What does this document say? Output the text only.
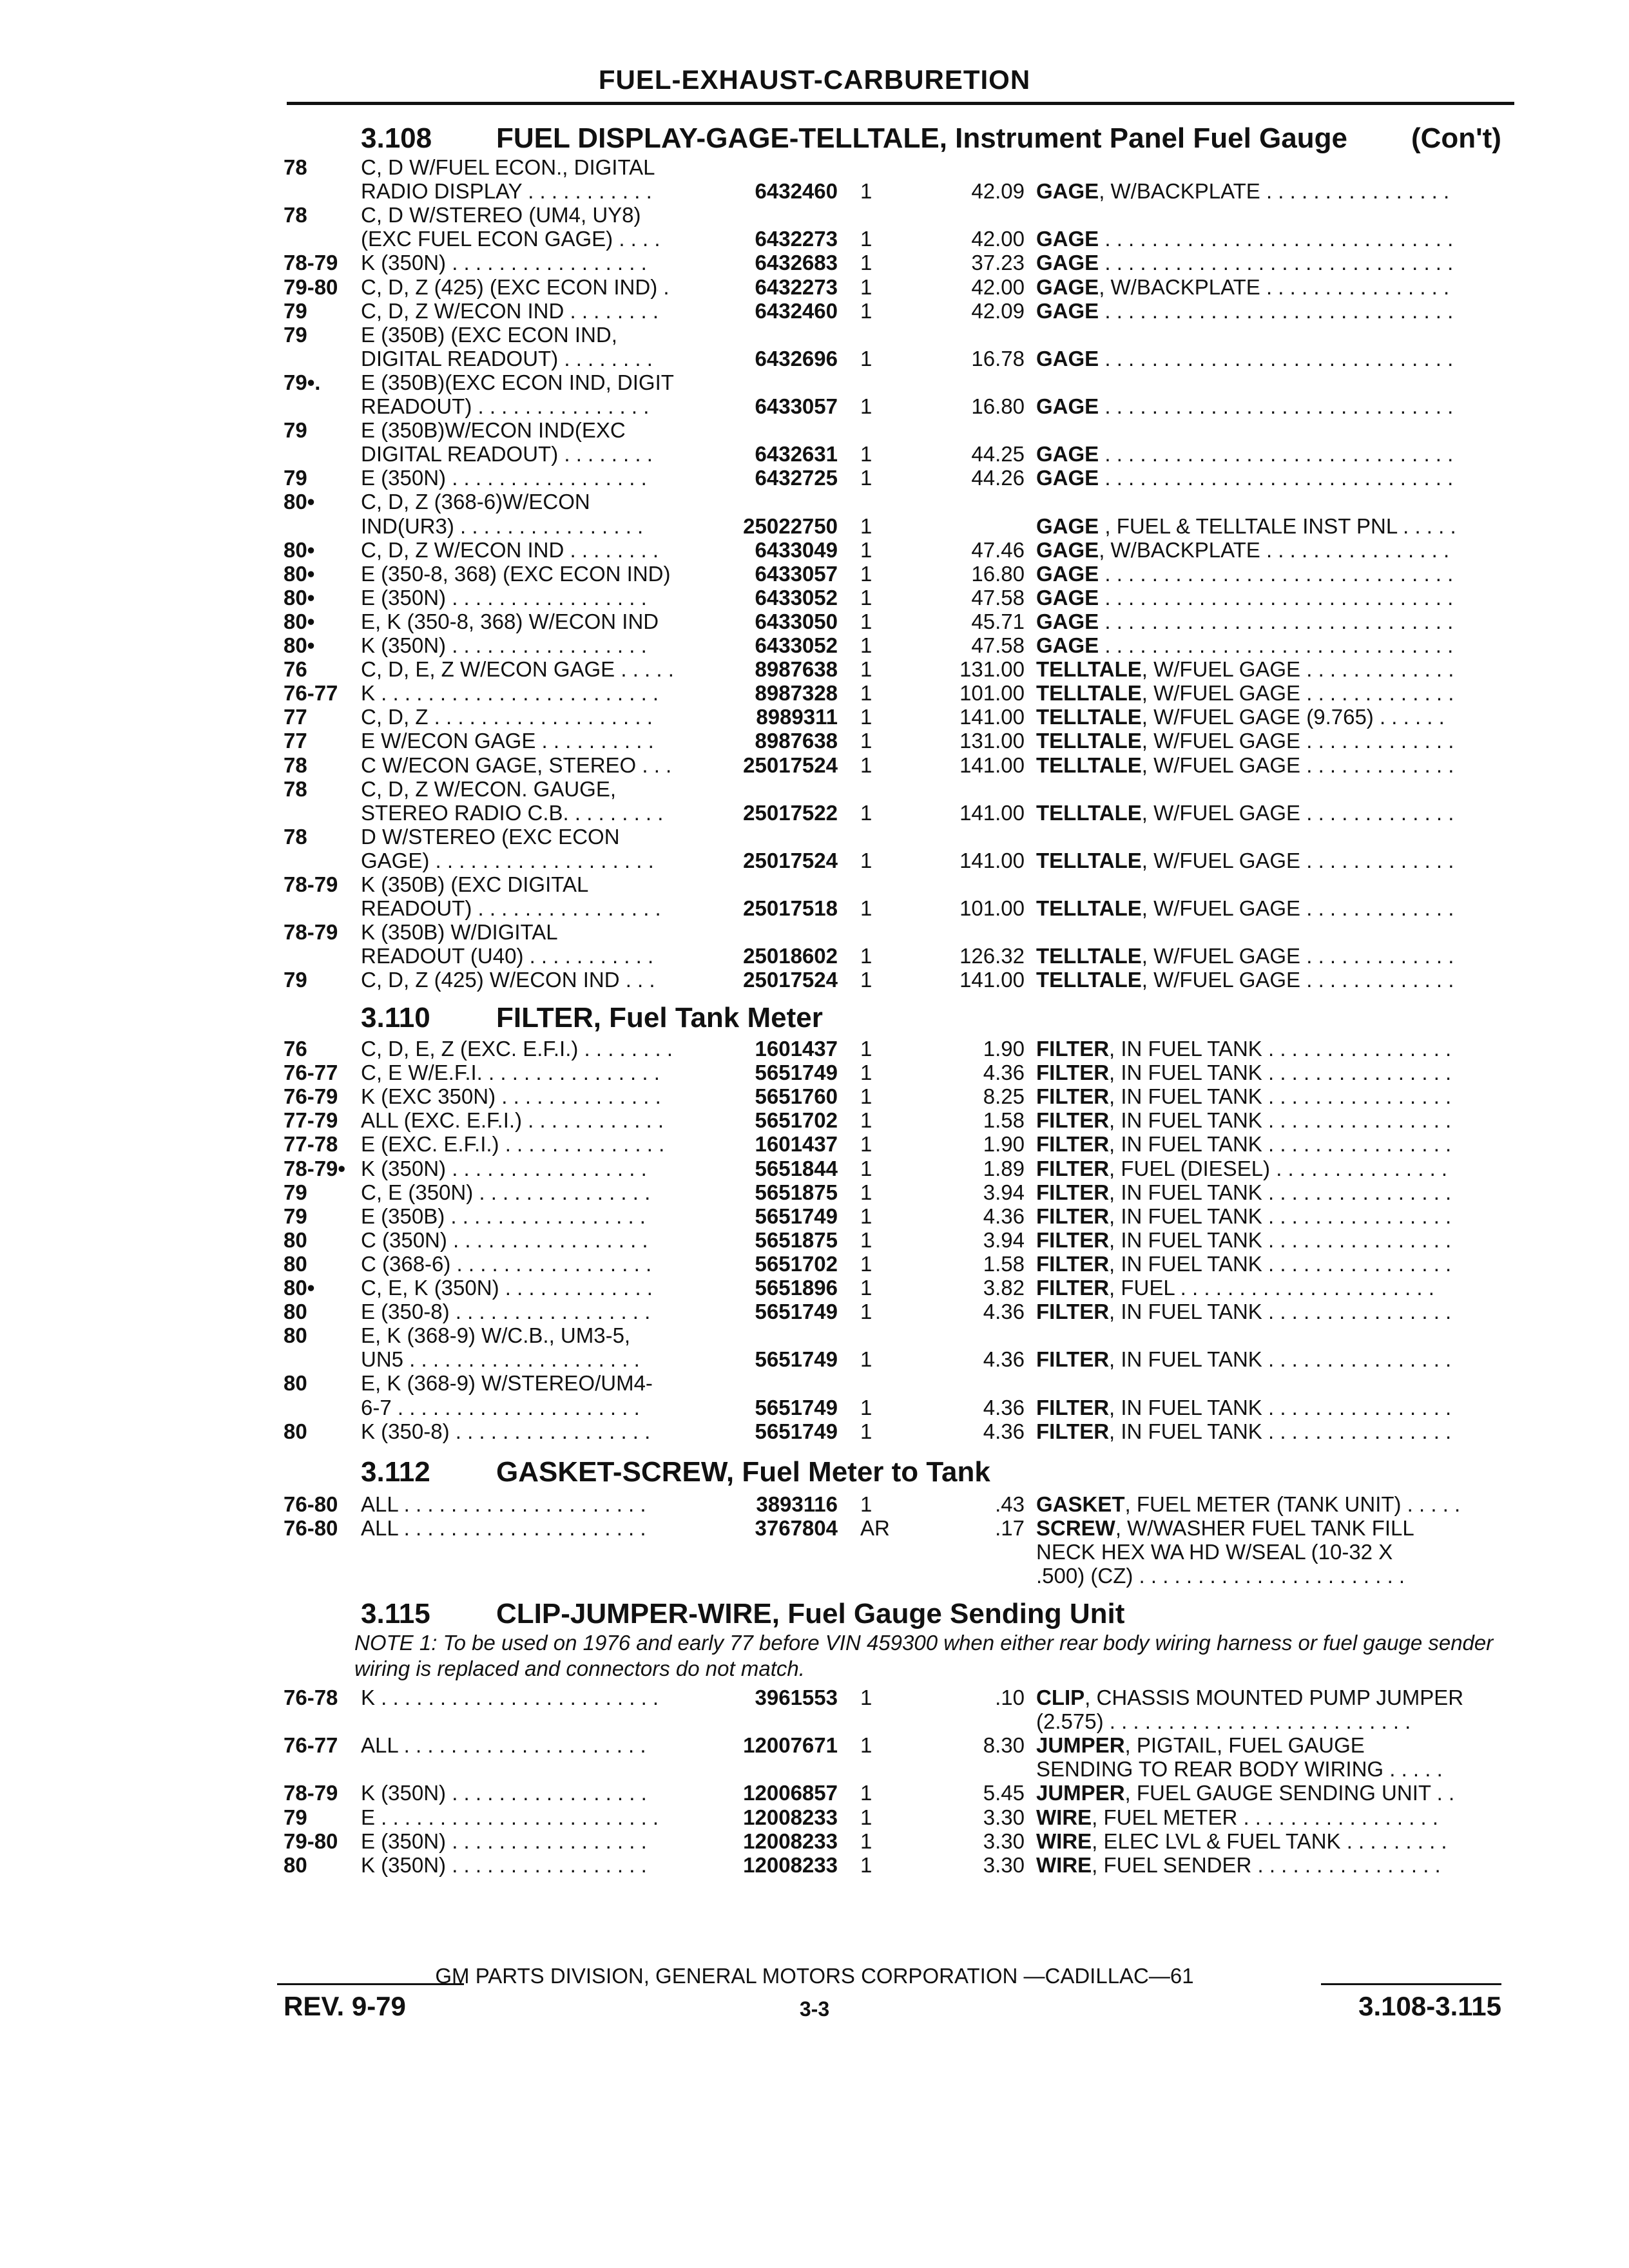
FUEL-EXHAUST-CARBURETION
3.108 FUEL DISPLAY-GAGE-TELLTALE, Instrument Panel Fuel Gauge (Con't)
78	C, D W/FUEL ECON., DIGITAL
RADIO DISPLAY . . . . . . . . . . .	6432460 1	42.09 GAGE, W/BACKPLATE . . . . . . . . . . . . . . . .
78	C, D W/STEREO (UM4, UY8)
(EXC FUEL ECON GAGE) . . . .	6432273 1	42.00 GAGE . . . . . . . . . . . . . . . . . . . . . . . . . . . . . .
78-79 K (350N) . . . . . . . . . . . . . . . . .	6432683 1	37.23 GAGE . . . . . . . . . . . . . . . . . . . . . . . . . . . . . .
79-80 C, D, Z (425) (EXC ECON IND) .	6432273 1	42.00 GAGE, W/BACKPLATE . . . . . . . . . . . . . . . .
79	C, D, Z W/ECON IND . . . . . . . .	6432460 1	42.09 GAGE . . . . . . . . . . . . . . . . . . . . . . . . . . . . . .
79	E (350B) (EXC ECON IND,
DIGITAL READOUT) . . . . . . . .	6432696 1	16.78 GAGE . . . . . . . . . . . . . . . . . . . . . . . . . . . . . .
79•. E (350B)(EXC ECON IND, DIGIT
READOUT) . . . . . . . . . . . . . . .	6433057 1	16.80 GAGE . . . . . . . . . . . . . . . . . . . . . . . . . . . . . .
79	E (350B)W/ECON IND(EXC
DIGITAL READOUT) . . . . . . . .	6432631 1	44.25 GAGE . . . . . . . . . . . . . . . . . . . . . . . . . . . . . .
79	E (350N) . . . . . . . . . . . . . . . . .	6432725 1	44.26 GAGE . . . . . . . . . . . . . . . . . . . . . . . . . . . . . .
80• C, D, Z (368-6)W/ECON
IND(UR3) . . . . . . . . . . . . . . . .	25022750 1	GAGE , FUEL & TELLTALE INST PNL . . . . .
80• C, D, Z W/ECON IND . . . . . . . .	6433049 1	47.46 GAGE, W/BACKPLATE . . . . . . . . . . . . . . . .
80• E (350-8, 368) (EXC ECON IND)	6433057 1	16.80 GAGE . . . . . . . . . . . . . . . . . . . . . . . . . . . . . .
80• E (350N) . . . . . . . . . . . . . . . . .	6433052 1	47.58 GAGE . . . . . . . . . . . . . . . . . . . . . . . . . . . . . .
80• E, K (350-8, 368) W/ECON IND	6433050 1	45.71 GAGE . . . . . . . . . . . . . . . . . . . . . . . . . . . . . .
80• K (350N) . . . . . . . . . . . . . . . . .	6433052 1	47.58 GAGE . . . . . . . . . . . . . . . . . . . . . . . . . . . . . .
76	C, D, E, Z W/ECON GAGE . . . . .	8987638 1	131.00 TELLTALE, W/FUEL GAGE . . . . . . . . . . . . .
76-77 K . . . . . . . . . . . . . . . . . . . . . . . .	8987328 1	101.00 TELLTALE, W/FUEL GAGE . . . . . . . . . . . . .
77	C, D, Z . . . . . . . . . . . . . . . . . . .	8989311 1	141.00 TELLTALE, W/FUEL GAGE (9.765) . . . . . .
77	E W/ECON GAGE . . . . . . . . . .	8987638 1	131.00 TELLTALE, W/FUEL GAGE . . . . . . . . . . . . .
78	C W/ECON GAGE, STEREO . . .	25017524 1	141.00 TELLTALE, W/FUEL GAGE . . . . . . . . . . . . .
78	C, D, Z W/ECON. GAUGE,
STEREO RADIO C.B. . . . . . . . .	25017522 1	141.00 TELLTALE, W/FUEL GAGE . . . . . . . . . . . . .
78	D W/STEREO (EXC ECON
GAGE) . . . . . . . . . . . . . . . . . . .	25017524 1	141.00 TELLTALE, W/FUEL GAGE . . . . . . . . . . . . .
78-79 K (350B) (EXC DIGITAL
READOUT) . . . . . . . . . . . . . . . .	25017518 1	101.00 TELLTALE, W/FUEL GAGE . . . . . . . . . . . . .
78-79 K (350B) W/DIGITAL
READOUT (U40) . . . . . . . . . . .	25018602 1	126.32 TELLTALE, W/FUEL GAGE . . . . . . . . . . . . .
79	C, D, Z (425) W/ECON IND . . .	25017524 1	141.00 TELLTALE, W/FUEL GAGE . . . . . . . . . . . . .
3.110 FILTER, Fuel Tank Meter
76	C, D, E, Z (EXC. E.F.I.) . . . . . . . .	1601437 1	1.90 FILTER, IN FUEL TANK . . . . . . . . . . . . . . . .
76-77 C, E W/E.F.I. . . . . . . . . . . . . . . .	5651749 1	4.36 FILTER, IN FUEL TANK . . . . . . . . . . . . . . . .
76-79 K (EXC 350N) . . . . . . . . . . . . . .	5651760 1	8.25 FILTER, IN FUEL TANK . . . . . . . . . . . . . . . .
77-79 ALL (EXC. E.F.I.) . . . . . . . . . . . .	5651702 1	1.58 FILTER, IN FUEL TANK . . . . . . . . . . . . . . . .
77-78 E (EXC. E.F.I.) . . . . . . . . . . . . . .	1601437 1	1.90 FILTER, IN FUEL TANK . . . . . . . . . . . . . . . .
78-79• K (350N) . . . . . . . . . . . . . . . . .	5651844 1	1.89 FILTER, FUEL (DIESEL) . . . . . . . . . . . . . . .
79	C, E (350N) . . . . . . . . . . . . . . .	5651875 1	3.94 FILTER, IN FUEL TANK . . . . . . . . . . . . . . . .
79	E (350B) . . . . . . . . . . . . . . . . .	5651749 1	4.36 FILTER, IN FUEL TANK . . . . . . . . . . . . . . . .
80	C (350N) . . . . . . . . . . . . . . . . .	5651875 1	3.94 FILTER, IN FUEL TANK . . . . . . . . . . . . . . . .
80	C (368-6) . . . . . . . . . . . . . . . . .	5651702 1	1.58 FILTER, IN FUEL TANK . . . . . . . . . . . . . . . .
80• C, E, K (350N) . . . . . . . . . . . . .	5651896 1	3.82 FILTER, FUEL . . . . . . . . . . . . . . . . . . . . . .
80	E (350-8) . . . . . . . . . . . . . . . . .	5651749 1	4.36 FILTER, IN FUEL TANK . . . . . . . . . . . . . . . .
80	E, K (368-9) W/C.B., UM3-5,
UN5 . . . . . . . . . . . . . . . . . . . .	5651749 1	4.36 FILTER, IN FUEL TANK . . . . . . . . . . . . . . . .
80	E, K (368-9) W/STEREO/UM4-
6-7 . . . . . . . . . . . . . . . . . . . . .	5651749 1	4.36 FILTER, IN FUEL TANK . . . . . . . . . . . . . . . .
80	K (350-8) . . . . . . . . . . . . . . . . .	5651749 1	4.36 FILTER, IN FUEL TANK . . . . . . . . . . . . . . . .
3.112 GASKET-SCREW, Fuel Meter to Tank
76-80 ALL . . . . . . . . . . . . . . . . . . . . .	3893116 1	.43 GASKET, FUEL METER (TANK UNIT) . . . . .
76-80 ALL . . . . . . . . . . . . . . . . . . . . .	3767804 AR	.17 SCREW, W/WASHER FUEL TANK FILL
NECK HEX WA HD W/SEAL (10-32 X
.500) (CZ) . . . . . . . . . . . . . . . . . . . . . . .
3.115 CLIP-JUMPER-WIRE, Fuel Gauge Sending Unit
NOTE 1: To be used on 1976 and early 77 before VIN 459300 when either rear body wiring harness or fuel gauge sender wiring is replaced and connectors do not match.
76-78 K . . . . . . . . . . . . . . . . . . . . . . . .	3961553 1	.10 CLIP, CHASSIS MOUNTED PUMP JUMPER
(2.575) . . . . . . . . . . . . . . . . . . . . . . . . . .
76-77 ALL . . . . . . . . . . . . . . . . . . . . .	12007671 1	8.30 JUMPER, PIGTAIL, FUEL GAUGE
SENDING TO REAR BODY WIRING . . . . .
78-79 K (350N) . . . . . . . . . . . . . . . . .	12006857 1	5.45 JUMPER, FUEL GAUGE SENDING UNIT . .
79	E . . . . . . . . . . . . . . . . . . . . . . . .	12008233 1	3.30 WIRE, FUEL METER . . . . . . . . . . . . . . . . .
79-80 E (350N) . . . . . . . . . . . . . . . . .	12008233 1	3.30 WIRE, ELEC LVL & FUEL TANK . . . . . . . . .
80	K (350N) . . . . . . . . . . . . . . . . .	12008233 1	3.30 WIRE, FUEL SENDER . . . . . . . . . . . . . . . .
GM PARTS DIVISION, GENERAL MOTORS CORPORATION —CADILLAC—61
REV. 9-79	3-3	3.108-3.115
